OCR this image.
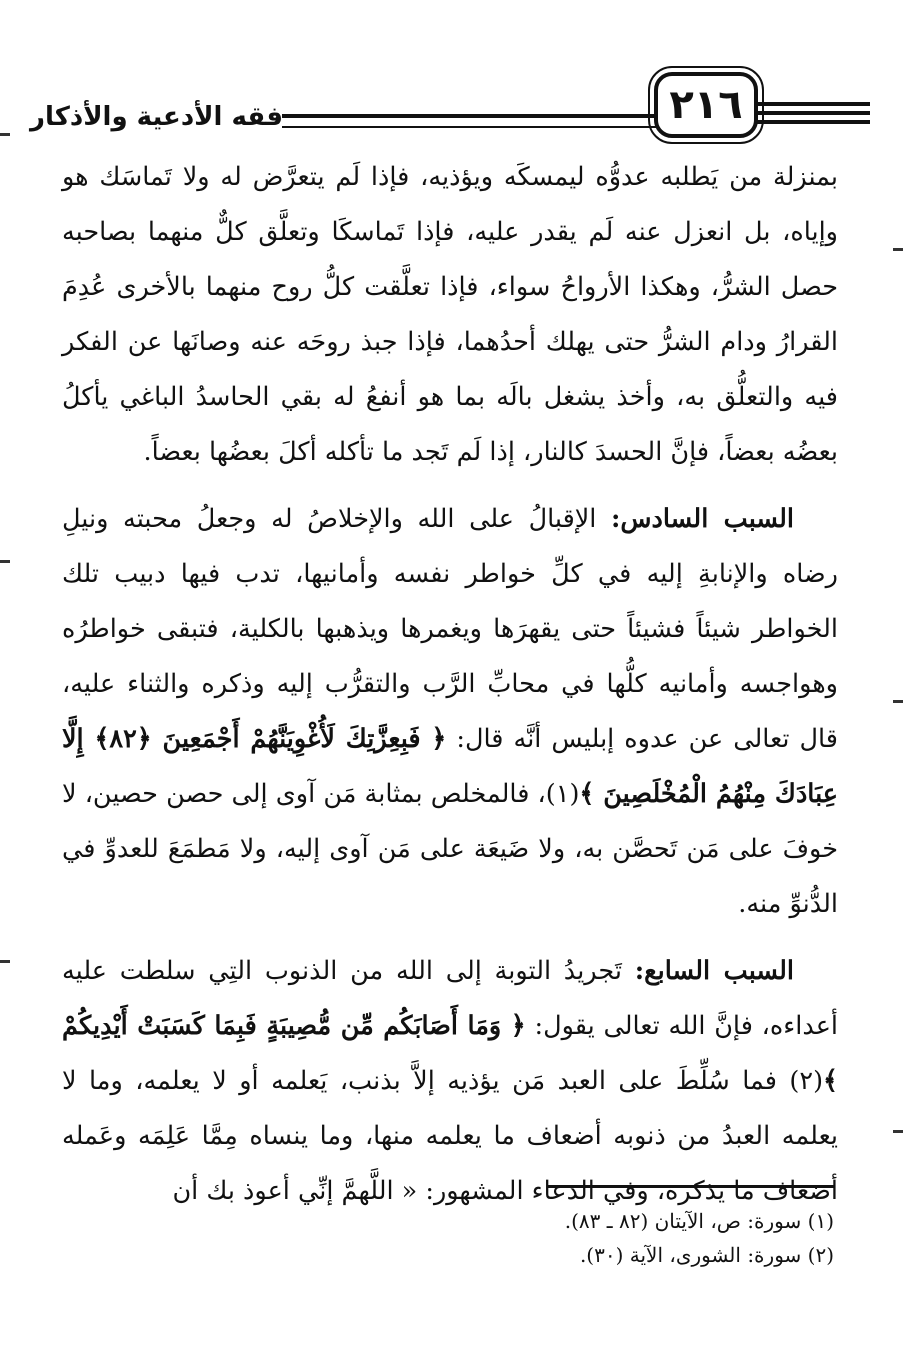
فقه الأدعية والأذكار	٢١٦

بمنزلة من يَطلبه عدوُّه ليمسكَه ويؤذيه، فإذا لَم يتعرَّض له ولا تَماسَك هو وإياه، بل انعزل عنه لَم يقدر عليه، فإذا تَماسكَا وتعلَّق كلٌّ منهما بصاحبه حصل الشرُّ، وهكذا الأرواحُ سواء، فإذا تعلَّقت كلُّ روح منهما بالأخرى عُدِمَ القرارُ ودام الشرُّ حتى يهلك أحدُهما، فإذا جبذ روحَه عنه وصانَها عن الفكر فيه والتعلُّق به، وأخذ يشغل بالَه بما هو أنفعُ له بقي الحاسدُ الباغي يأكلُ بعضُه بعضاً، فإنَّ الحسدَ كالنار، إذا لَم تَجد ما تأكله أكلَ بعضُها بعضاً.

السبب السادس: الإقبالُ على الله والإخلاصُ له وجعلُ محبته ونيلِ رضاه والإنابةِ إليه في كلِّ خواطر نفسه وأمانيها، تدب فيها دبيب تلك الخواطر شيئاً فشيئاً حتى يقهرَها ويغمرها ويذهبها بالكلية، فتبقى خواطرُه وهواجسه وأمانيه كلُّها في محابِّ الرَّب والتقرُّب إليه وذكره والثناء عليه، قال تعالى عن عدوه إبليس أنَّه قال: ﴿ فَبِعِزَّتِكَ لَأُغْوِيَنَّهُمْ أَجْمَعِينَ ﴿٨٢﴾ إِلَّا عِبَادَكَ مِنْهُمُ الْمُخْلَصِينَ ﴾(١)، فالمخلص بمثابة مَن آوى إلى حصن حصين، لا خوفَ على مَن تَحصَّن به، ولا ضَيعَة على مَن آوى إليه، ولا مَطمَعَ للعدوِّ في الدُّنوِّ منه.

السبب السابع: تَجريدُ التوبة إلى الله من الذنوب التِي سلطت عليه أعداءه، فإنَّ الله تعالى يقول: ﴿ وَمَا أَصَابَكُم مِّن مُّصِيبَةٍ فَبِمَا كَسَبَتْ أَيْدِيكُمْ ﴾(٢) فما سُلِّطَ على العبد مَن يؤذيه إلاَّ بذنب، يَعلمه أو لا يعلمه، وما لا يعلمه العبدُ من ذنوبه أضعاف ما يعلمه منها، وما ينساه مِمَّا عَلِمَه وعَمله أضعاف ما يذكره، وفي الدعاء المشهور: « اللَّهمَّ إنِّي أعوذ بك أن

(١) سورة: ص، الآيتان (٨٢ ـ ٨٣).

(٢) سورة: الشورى، الآية (٣٠).
